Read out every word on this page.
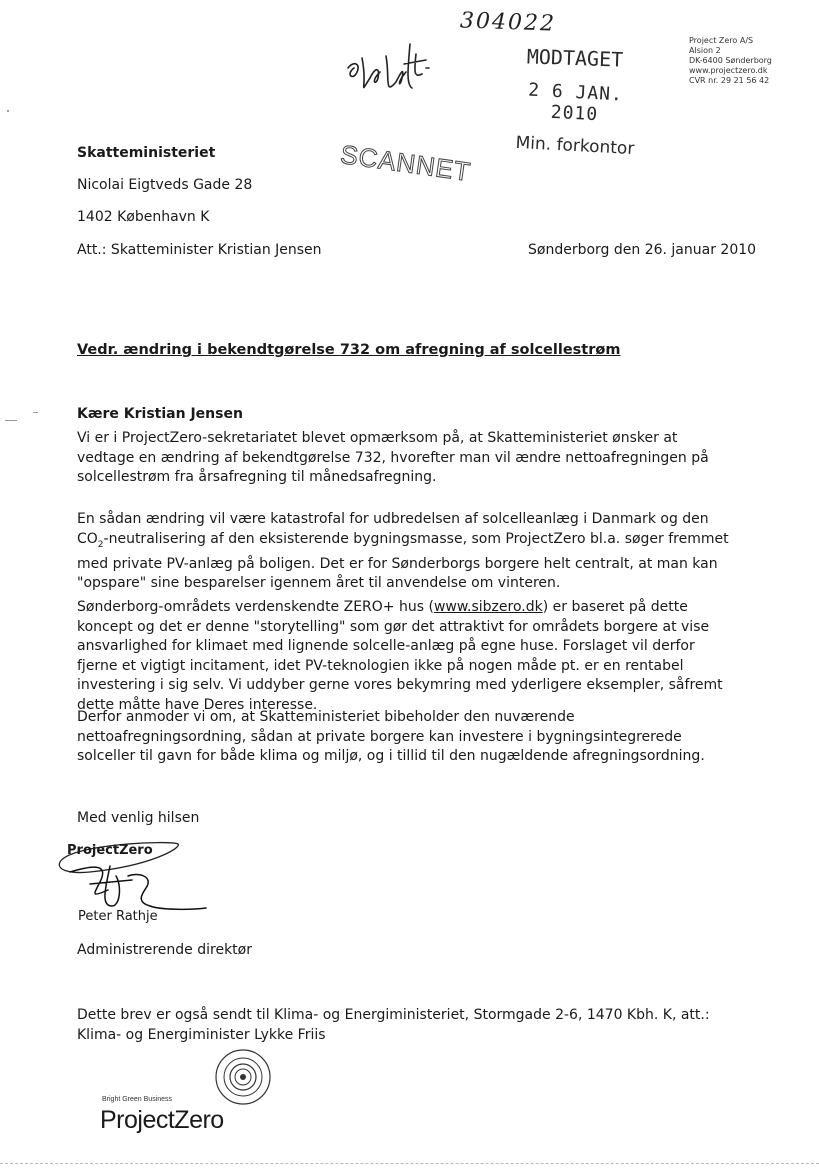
304022
MODTAGET
2 6 JAN. 2010
Min. forkontor
Project Zero A/S
Alsion 2
DK-6400 Sønderborg
www.projectzero.dk
CVR nr. 29 21 56 42
SCANNET
Skatteministeriet
Nicolai Eigtveds Gade 28
1402 København K
Att.: Skatteminister Kristian Jensen	Sønderborg den 26. januar 2010
Vedr. ændring i bekendtgørelse 732 om afregning af solcellestrøm
Kære Kristian Jensen
Vi er i ProjectZero-sekretariatet blevet opmærksom på, at Skatteministeriet ønsker at vedtage en ændring af bekendtgørelse 732, hvorefter man vil ændre nettoafregningen på solcellestrøm fra årsafregning til månedsafregning.
En sådan ændring vil være katastrofal for udbredelsen af solcelleanlæg i Danmark og den $CO_2$-neutralisering af den eksisterende bygningsmasse, som ProjectZero bl.a. søger fremmet med private PV-anlæg på boligen. Det er for Sønderborgs borgere helt centralt, at man kan "opspare" sine besparelser igennem året til anvendelse om vinteren.
Sønderborg-områdets verdenskendte ZERO+ hus (www.sibzero.dk) er baseret på dette koncept og det er denne "storytelling" som gør det attraktivt for områdets borgere at vise ansvarlighed for klimaet med lignende solcelle-anlæg på egne huse. Forslaget vil derfor fjerne et vigtigt incitament, idet PV-teknologien ikke på nogen måde pt. er en rentabel investering i sig selv. Vi uddyber gerne vores bekymring med yderligere eksempler, såfremt dette måtte have Deres interesse.
Derfor anmoder vi om, at Skatteministeriet bibeholder den nuværende nettoafregningsordning, sådan at private borgere kan investere i bygningsintegrerede solceller til gavn for både klima og miljø, og i tillid til den nugældende afregningsordning.
Med venlig hilsen
ProjectZero
Peter Rathje
Administrerende direktør
Dette brev er også sendt til Klima- og Energiministeriet, Stormgade 2-6, 1470 Kbh. K, att.: Klima- og Energiminister Lykke Friis
Bright Green Business
ProjectZero
